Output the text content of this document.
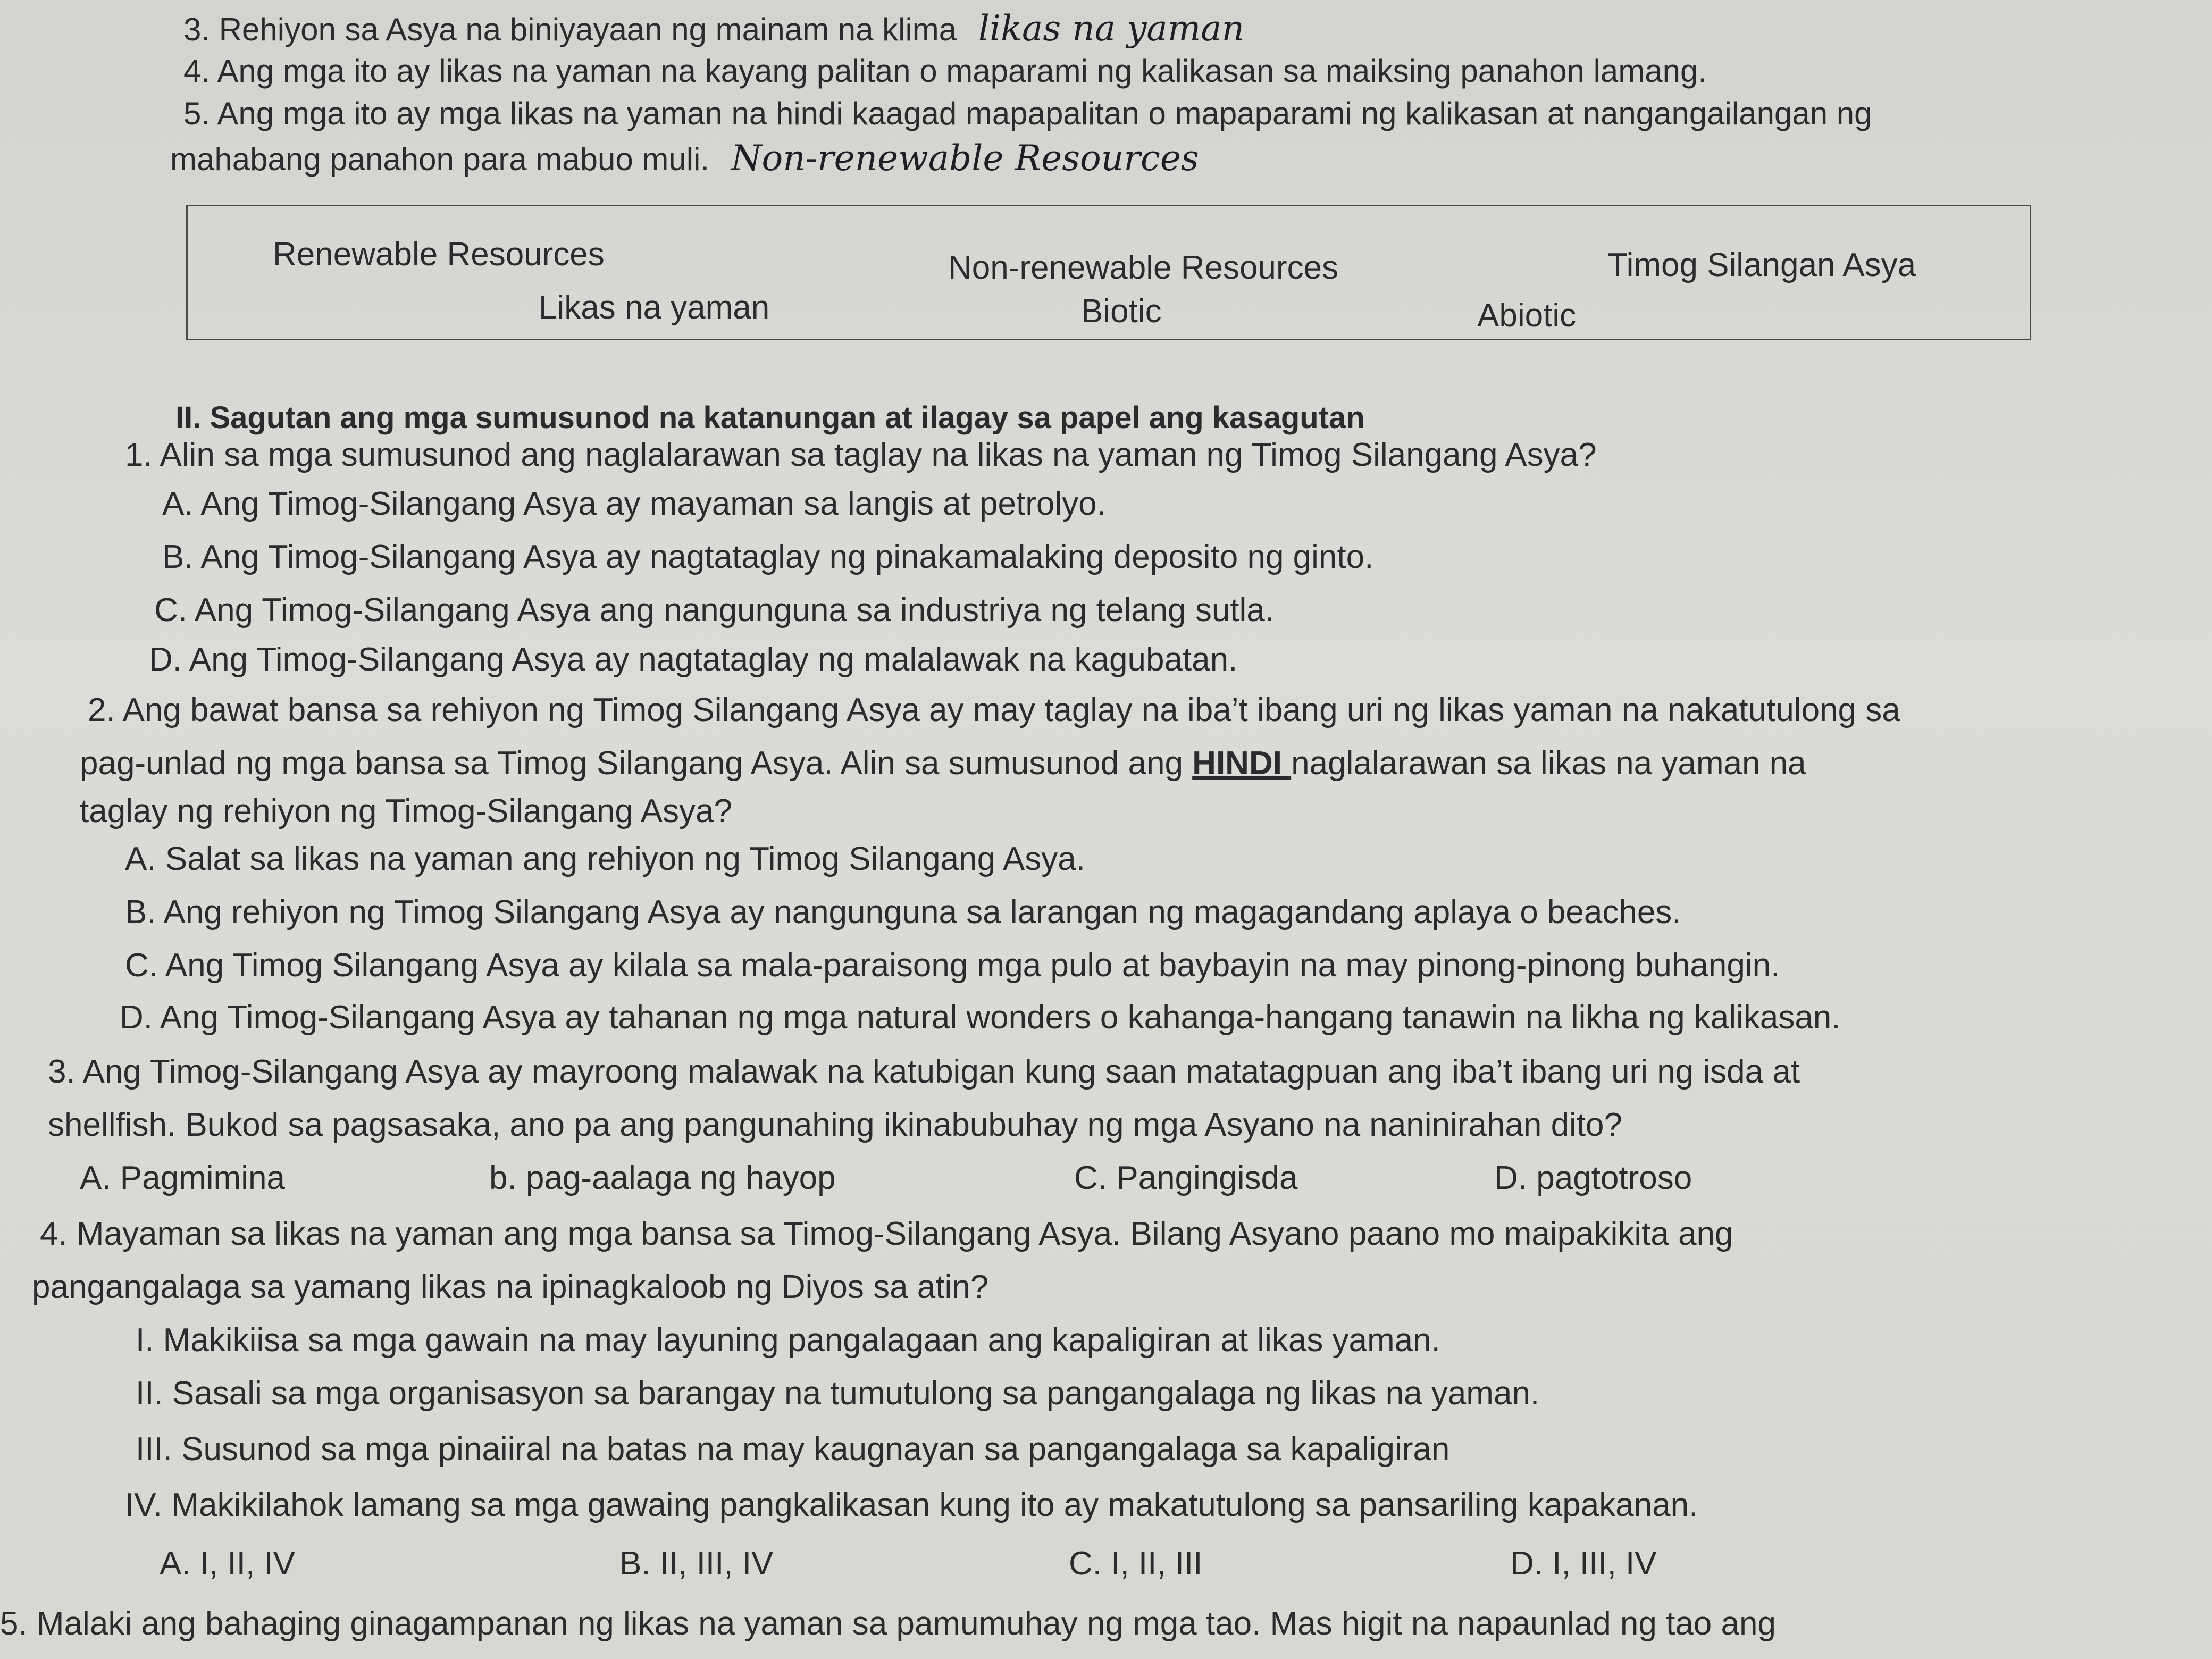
3. Rehiyon sa Asya na biniyayaan ng mainam na klima likas na yaman
4. Ang mga ito ay likas na yaman na kayang palitan o maparami ng kalikasan sa maiksing panahon lamang.
5. Ang mga ito ay mga likas na yaman na hindi kaagad mapapalitan o mapaparami ng kalikasan at nangangailangan ng
mahabang panahon para mabuo muli. Non-renewable Resources
Renewable Resources	Non-renewable Resources	Timog Silangan Asya
Likas na yaman	Biotic	Abiotic
II. Sagutan ang mga sumusunod na katanungan at ilagay sa papel ang kasagutan
1. Alin sa mga sumusunod ang naglalarawan sa taglay na likas na yaman ng Timog Silangang Asya?
A. Ang Timog-Silangang Asya ay mayaman sa langis at petrolyo.
B. Ang Timog-Silangang Asya ay nagtataglay ng pinakamalaking deposito ng ginto.
C. Ang Timog-Silangang Asya ang nangunguna sa industriya ng telang sutla.
D. Ang Timog-Silangang Asya ay nagtataglay ng malalawak na kagubatan.
2. Ang bawat bansa sa rehiyon ng Timog Silangang Asya ay may taglay na iba’t ibang uri ng likas yaman na nakatutulong sa
pag-unlad ng mga bansa sa Timog Silangang Asya. Alin sa sumusunod ang HINDI naglalarawan sa likas na yaman na
taglay ng rehiyon ng Timog-Silangang Asya?
A. Salat sa likas na yaman ang rehiyon ng Timog Silangang Asya.
B. Ang rehiyon ng Timog Silangang Asya ay nangunguna sa larangan ng magagandang aplaya o beaches.
C. Ang Timog Silangang Asya ay kilala sa mala-paraisong mga pulo at baybayin na may pinong-pinong buhangin.
D. Ang Timog-Silangang Asya ay tahanan ng mga natural wonders o kahanga-hangang tanawin na likha ng kalikasan.
3. Ang Timog-Silangang Asya ay mayroong malawak na katubigan kung saan matatagpuan ang iba’t ibang uri ng isda at
shellfish. Bukod sa pagsasaka, ano pa ang pangunahing ikinabubuhay ng mga Asyano na naninirahan dito?
A. Pagmimina	b. pag-aalaga ng hayop	C. Pangingisda	D. pagtotroso
4. Mayaman sa likas na yaman ang mga bansa sa Timog-Silangang Asya. Bilang Asyano paano mo maipakikita ang
pangangalaga sa yamang likas na ipinagkaloob ng Diyos sa atin?
I. Makikiisa sa mga gawain na may layuning pangalagaan ang kapaligiran at likas yaman.
II. Sasali sa mga organisasyon sa barangay na tumutulong sa pangangalaga ng likas na yaman.
III. Susunod sa mga pinaiiral na batas na may kaugnayan sa pangangalaga sa kapaligiran
IV. Makikilahok lamang sa mga gawaing pangkalikasan kung ito ay makatutulong sa pansariling kapakanan.
A. I, II, IV	B. II, III, IV	C. I, II, III	D. I, III, IV
5. Malaki ang bahaging ginagampanan ng likas na yaman sa pamumuhay ng mga tao. Mas higit na napaunlad ng tao ang
